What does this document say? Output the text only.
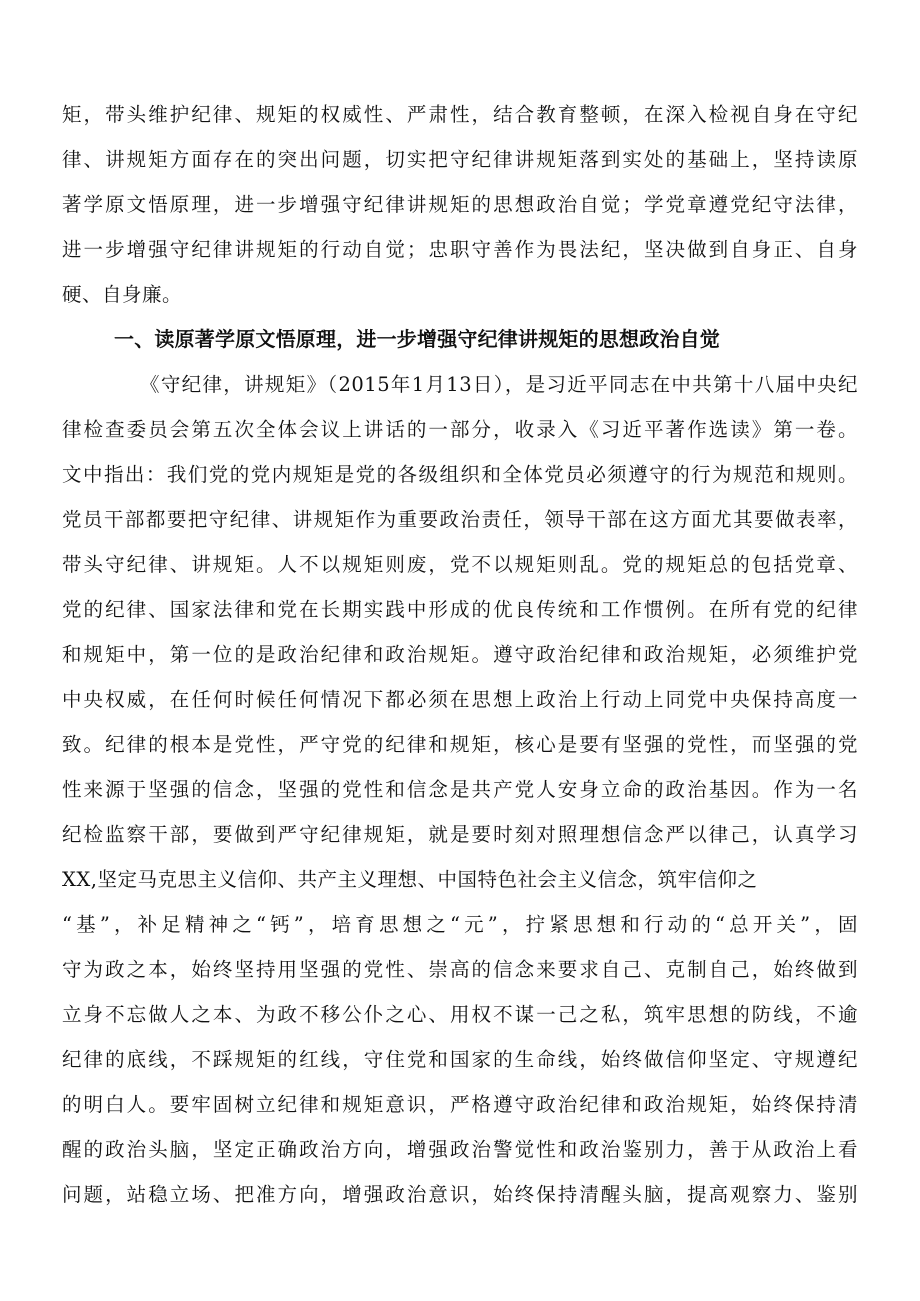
矩，带头维护纪律、规矩的权威性、严肃性，结合教育整顿，在深入检视自身在守纪
律、讲规矩方面存在的突出问题，切实把守纪律讲规矩落到实处的基础上，坚持读原
著学原文悟原理，进一步增强守纪律讲规矩的思想政治自觉；学党章遵党纪守法律，
进一步增强守纪律讲规矩的行动自觉；忠职守善作为畏法纪，坚决做到自身正、自身
硬、自身廉。
一、读原著学原文悟原理，进一步增强守纪律讲规矩的思想政治自觉
《守纪律，讲规矩》（2015年1月13日），是习近平同志在中共第十八届中央纪
律检查委员会第五次全体会议上讲话的一部分，收录入《习近平著作选读》第一卷。
文中指出：我们党的党内规矩是党的各级组织和全体党员必须遵守的行为规范和规则。
党员干部都要把守纪律、讲规矩作为重要政治责任，领导干部在这方面尤其要做表率，
带头守纪律、讲规矩。人不以规矩则废，党不以规矩则乱。党的规矩总的包括党章、
党的纪律、国家法律和党在长期实践中形成的优良传统和工作惯例。在所有党的纪律
和规矩中，第一位的是政治纪律和政治规矩。遵守政治纪律和政治规矩，必须维护党
中央权威，在任何时候任何情况下都必须在思想上政治上行动上同党中央保持高度一
致。纪律的根本是党性，严守党的纪律和规矩，核心是要有坚强的党性，而坚强的党
性来源于坚强的信念，坚强的党性和信念是共产党人安身立命的政治基因。作为一名
纪检监察干部，要做到严守纪律规矩，就是要时刻对照理想信念严以律己，认真学习
XX,坚定马克思主义信仰、共产主义理想、中国特色社会主义信念，筑牢信仰之
“基”，补足精神之“钙”，培育思想之“元”，拧紧思想和行动的“总开关”，固
守为政之本，始终坚持用坚强的党性、崇高的信念来要求自己、克制自己，始终做到
立身不忘做人之本、为政不移公仆之心、用权不谋一己之私，筑牢思想的防线，不逾
纪律的底线，不踩规矩的红线，守住党和国家的生命线，始终做信仰坚定、守规遵纪
的明白人。要牢固树立纪律和规矩意识，严格遵守政治纪律和政治规矩，始终保持清
醒的政治头脑，坚定正确政治方向，增强政治警觉性和政治鉴别力，善于从政治上看
问题，站稳立场、把准方向，增强政治意识，始终保持清醒头脑，提高观察力、鉴别
